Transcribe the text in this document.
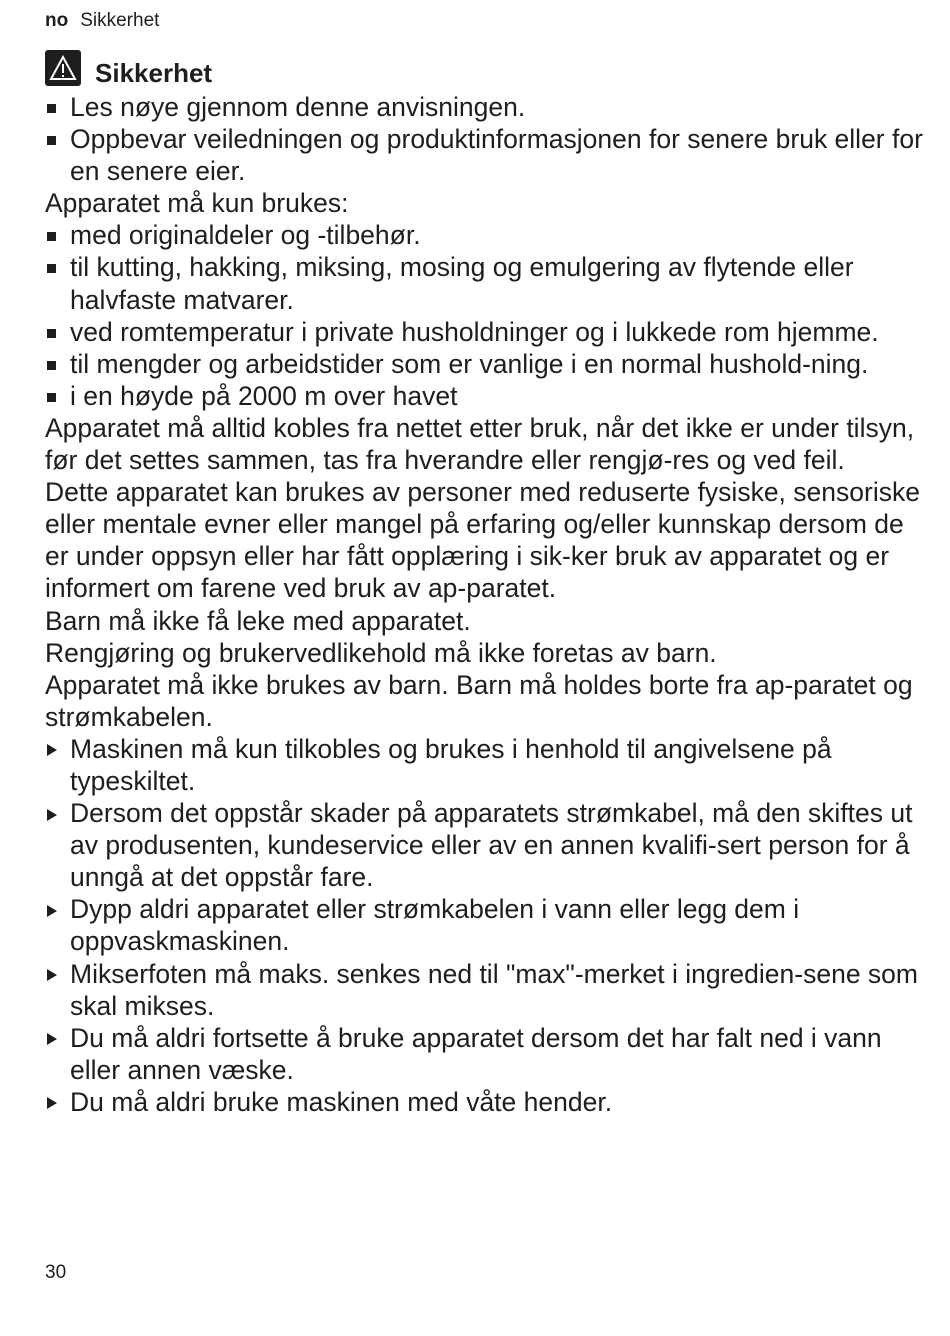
no Sikkerhet
Sikkerhet
Les nøye gjennom denne anvisningen.
Oppbevar veiledningen og produktinformasjonen for senere bruk eller for en senere eier.
Apparatet må kun brukes:
med originaldeler og -tilbehør.
til kutting, hakking, miksing, mosing og emulgering av flytende eller halvfaste matvarer.
ved romtemperatur i private husholdninger og i lukkede rom hjemme.
til mengder og arbeidstider som er vanlige i en normal hushold-ning.
i en høyde på 2000 m over havet
Apparatet må alltid kobles fra nettet etter bruk, når det ikke er under tilsyn, før det settes sammen, tas fra hverandre eller rengjø-res og ved feil.
Dette apparatet kan brukes av personer med reduserte fysiske, sensoriske eller mentale evner eller mangel på erfaring og/eller kunnskap dersom de er under oppsyn eller har fått opplæring i sik-ker bruk av apparatet og er informert om farene ved bruk av ap-paratet.
Barn må ikke få leke med apparatet.
Rengjøring og brukervedlikehold må ikke foretas av barn.
Apparatet må ikke brukes av barn. Barn må holdes borte fra ap-paratet og strømkabelen.
Maskinen må kun tilkobles og brukes i henhold til angivelsene på typeskiltet.
Dersom det oppstår skader på apparatets strømkabel, må den skiftes ut av produsenten, kundeservice eller av en annen kvalifi-sert person for å unngå at det oppstår fare.
Dypp aldri apparatet eller strømkabelen i vann eller legg dem i oppvaskmaskinen.
Mikserfoten må maks. senkes ned til "max"-merket i ingredien-sene som skal mikses.
Du må aldri fortsette å bruke apparatet dersom det har falt ned i vann eller annen væske.
Du må aldri bruke maskinen med våte hender.
30
